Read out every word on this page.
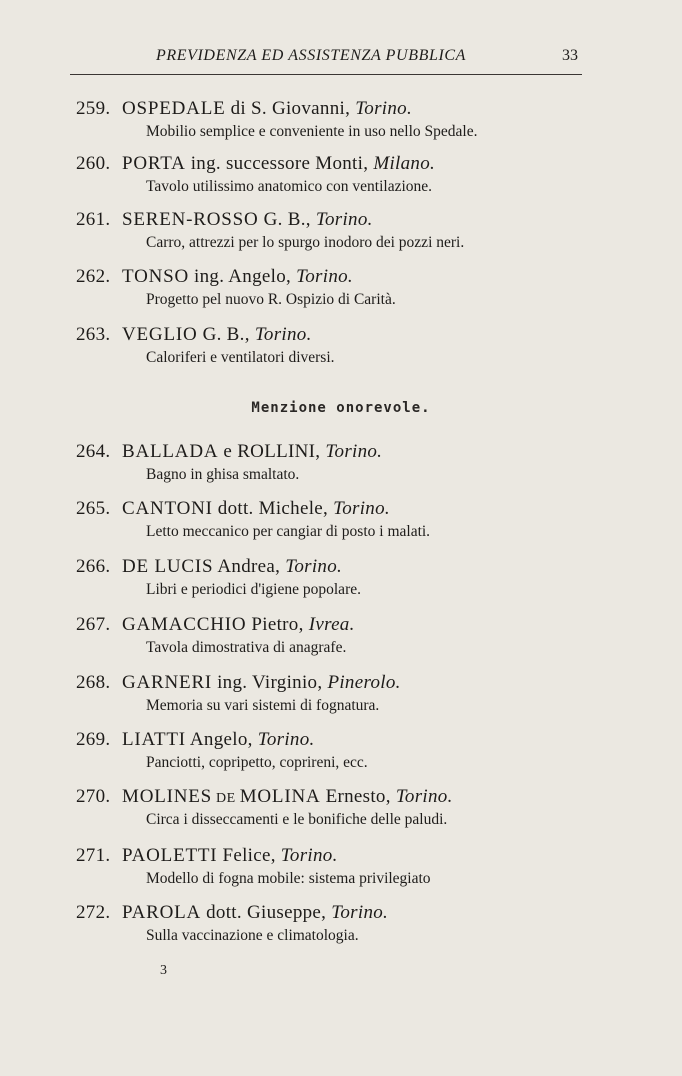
PREVIDENZA ED ASSISTENZA PUBBLICA	33
259. OSPEDALE di S. Giovanni, Torino.
Mobilio semplice e conveniente in uso nello Spedale.
260. PORTA ing. successore Monti, Milano.
Tavolo utilissimo anatomico con ventilazione.
261. SEREN-ROSSO G. B., Torino.
Carro, attrezzi per lo spurgo inodoro dei pozzi neri.
262. TONSO ing. Angelo, Torino.
Progetto pel nuovo R. Ospizio di Carità.
263. VEGLIO G. B., Torino.
Caloriferi e ventilatori diversi.
Menzione onorevole.
264. BALLADA e ROLLINI, Torino.
Bagno in ghisa smaltato.
265. CANTONI dott. Michele, Torino.
Letto meccanico per cangiar di posto i malati.
266. DE LUCIS Andrea, Torino.
Libri e periodici d'igiene popolare.
267. GAMACCHIO Pietro, Ivrea.
Tavola dimostrativa di anagrafe.
268. GARNERI ing. Virginio, Pinerolo.
Memoria su vari sistemi di fognatura.
269. LIATTI Angelo, Torino.
Panciotti, copripetto, coprireni, ecc.
270. MOLINES DE MOLINA Ernesto, Torino.
Circa i disseccamenti e le bonifiche delle paludi.
271. PAOLETTI Felice, Torino.
Modello di fogna mobile: sistema privilegiato
272. PAROLA dott. Giuseppe, Torino.
Sulla vaccinazione e climatologia.
3
